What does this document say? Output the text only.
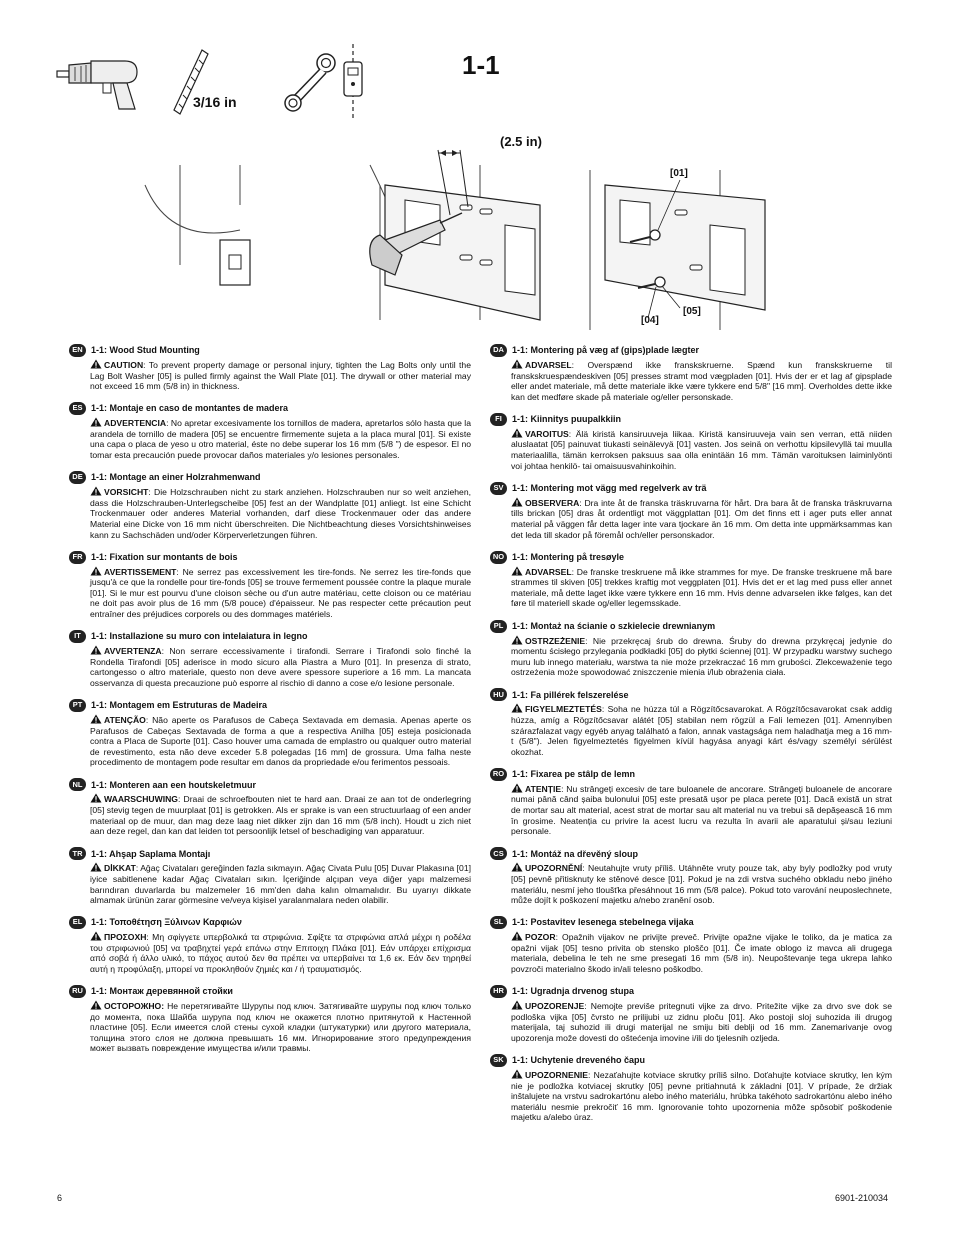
3/16 in
1-1
(2.5 in)
[01]
[05]
[04]
EN 1-1: Wood Stud Mounting
CAUTION: To prevent property damage or personal injury, tighten the Lag Bolts only until the Lag Bolt Washer [05] is pulled firmly against the Wall Plate [01]. The drywall or other material may not exceed 16 mm (5/8 in) in thickness.
ES 1-1: Montaje en caso de montantes de madera
ADVERTENCIA: No apretar excesivamente los tornillos de madera, apretarlos sólo hasta que la arandela de tornillo de madera [05] se encuentre firmemente sujeta a la placa mural [01]. Si existe una capa o placa de yeso u otro material, éste no debe superar los 16 mm (5/8 ") de espesor. El no tomar esta precaución puede provocar daños materiales y/o lesiones personales.
DE 1-1: Montage an einer Holzrahmenwand
VORSICHT: Die Holzschrauben nicht zu stark anziehen. Holzschrauben nur so weit anziehen, dass die Holzschrauben-Unterlegscheibe [05] fest an der Wandplatte [01] anliegt. Ist eine Schicht Trockenmauer oder anderes Material vorhanden, darf diese Trockenmauer oder das andere Material eine Dicke von 16 mm nicht überschreiten. Die Nichtbeachtung dieses Vorsichtshinweises kann zu Sachschäden und/oder Körperverletzungen führen.
FR 1-1: Fixation sur montants de bois
AVERTISSEMENT: Ne serrez pas excessivement les tire-fonds. Ne serrez les tire-fonds que jusqu'à ce que la rondelle pour tire-fonds [05] se trouve fermement poussée contre la plaque murale [01]. Si le mur est pourvu d'une cloison sèche ou d'un autre matériau, cette cloison ou ce matériau ne doit pas avoir plus de 16 mm (5/8 pouce) d'épaisseur. Ne pas respecter cette précaution peut entraîner des préjudices corporels ou des dommages matériels.
IT	1-1: Installazione su muro con intelaiatura in legno
AVVERTENZA: Non serrare eccessivamente i tirafondi. Serrare i Tirafondi solo finché la Rondella Tirafondi [05] aderisce in modo sicuro alla Piastra a Muro [01]. In presenza di strato, cartongesso o altro materiale, questo non deve avere spessore superiore a 16 mm. La mancata osservanza di questa precauzione può esporre al rischio di danno a cose e/o lesione personale.
PT 1-1: Montagem em Estruturas de Madeira
ATENÇÃO: Não aperte os Parafusos de Cabeça Sextavada em demasia. Apenas aperte os Parafusos de Cabeças Sextavada de forma a que a respectiva Anilha [05] esteja posicionada contra a Placa de Suporte [01]. Caso houver uma camada de emplastro ou qualquer outro material de revestimento, esta não deve exceder 5.8 polegadas [16 mm] de grossura. Uma falha neste procedimento de montagem pode resultar em danos da propriedade e/ou ferimentos pessoais.
NL 1-1: Monteren aan een houtskeletmuur
WAARSCHUWING: Draai de schroefbouten niet te hard aan. Draai ze aan tot de onderlegring [05] stevig tegen de muurplaat [01] is getrokken. Als er sprake is van een structuurlaag of een ander materiaal op de muur, dan mag deze laag niet dikker zijn dan 16 mm (5/8 inch). Houdt u zich niet aan deze regel, dan kan dat leiden tot persoonlijk letsel of beschadiging van apparatuur.
TR 1-1: Ahşap Saplama Montajı
DİKKAT: Ağaç Civataları gereğinden fazla sıkmayın. Ağaç Civata Pulu [05] Duvar Plakasına [01] iyice sabitlenene kadar Ağaç Civataları sıkın. İçeriğinde alçıpan veya diğer yapı malzemesi barındıran duvarlarda bu malzemeler 16 mm'den daha kalın olmamalıdır. Bu uyarıyı dikkate almamak ürünün zarar görmesine ve/veya kişisel yaralanmalara neden olabilir.
EL 1-1: Τοποθέτηση Ξύλινων Καρφιών
ΠΡΟΣΟΧΗ: Μη σφίγγετε υπερβολικά τα στριφώνια. Σφίξτε τα στριφώνια απλά μέχρι η ροδέλα του στριφωνιού [05] να τραβηχτεί γερά επάνω στην Επιτοιχη Πλάκα [01]. Εάν υπάρχει επίχρισμα από σοβά ή άλλο υλικό, το πάχος αυτού δεν θα πρέπει να υπερβαίνει τα 1,6 εκ. Εάν δεν τηρηθεί αυτή η προφύλαξη, μπορεί να προκληθούν ζημιές και / ή τραυματισμός.
RU 1-1: Монтаж деревянной стойки
ОСТОРОЖНО: Не перетягивайте Шурупы под ключ. Затягивайте шурупы под ключ только до момента, пока Шайба шурупа под ключ не окажется плотно притянутой к Настенной пластине [05]. Если имеется слой стены сухой кладки (штукатурки) или другого материала, толщина этого слоя не должна превышать 16 мм. Игнорирование этого предупреждения может вызвать повреждение имущества и/или травмы.
DA 1-1: Montering på væg af (gips)plade lægter
ADVARSEL: Overspænd ikke franskskruerne. Spænd kun franskskruerne til franskskruespændeskiven [05] presses stramt mod vægpladen [01]. Hvis der er et lag af gipsplade eller andet materiale, må dette materiale ikke være tykkere end 5/8" [16 mm]. Overholdes dette ikke kan det medføre skade på materiale og/eller personskade.
FI	1-1: Kiinnitys puupalkkiin
VAROITUS: Älä kiristä kansiruuveja liikaa. Kiristä kansiruuveja vain sen verran, että niiden aluslaatat [05] painuvat tiukasti seinälevyä [01] vasten. Jos seinä on verhottu kipsilevyllä tai muulla materiaalilla, tämän kerroksen paksuus saa olla enintään 16 mm. Tämän varoituksen laiminlyönti voi johtaa henkilö- tai omaisuusvahinkoihin.
SV 1-1: Montering mot vägg med regelverk av trä
OBSERVERA: Dra inte åt de franska träskruvarna för hårt. Dra bara åt de franska träskruvarna tills brickan [05] dras åt ordentligt mot väggplattan [01]. Om det finns ett i ager puts eller annat material på väggen får detta lager inte vara tjockare än 16 mm. Om detta inte uppmärksammas kan det leda till skador på föremål och/eller personskador.
NO 1-1: Montering på tresøyle
ADVARSEL: De franske treskruene må ikke strammes for mye. De franske treskruene må bare strammes til skiven [05] trekkes kraftig mot veggplaten [01]. Hvis det er et lag med puss eller annet materiale, må dette laget ikke være tykkere enn 16 mm. Hvis denne advarselen ikke følges, kan det føre til materiell skade og/eller legemsskade.
PL 1-1: Montaż na ścianie o szkielecie drewnianym
OSTRZEŻENIE: Nie przekręcaj śrub do drewna. Śruby do drewna przykręcaj jedynie do momentu ścisłego przylegania podkładki [05] do płytki ściennej [01]. W przypadku warstwy suchego muru lub innego materiału, warstwa ta nie może przekraczać 16 mm grubości. Zlekceważenie tego ostrzeżenia może spowodować zniszczenie mienia i/lub obrażenia ciała.
HU 1-1: Fa pillérek felszerelése
FIGYELMEZTETÉS: Soha ne húzza túl a Rögzítőcsavarokat. A Rögzítőcsavarokat csak addig húzza, amíg a Rögzítőcsavar alátét [05] stabilan nem rögzül a Fali lemezen [01]. Amennyiben szárazfalazat vagy egyéb anyag található a falon, annak vastagsága nem haladhatja meg a 16 mm-t (5/8"). Jelen figyelmeztetés figyelmen kívül hagyása anyagi kárt és/vagy személyi sérülést okozhat.
RO 1-1: Fixarea pe stâlp de lemn
ATENȚIE: Nu strângeți excesiv de tare buloanele de ancorare. Strângeți buloanele de ancorare numai până când șaiba bulonului [05] este presată ușor pe placa perete [01]. Dacă există un strat de mortar sau alt material, acest strat de mortar sau alt material nu va trebui să depășească 16 mm în grosime. Neatenția cu privire la acest lucru va rezulta în avarii ale aparatului și/sau leziuni personale.
CS 1-1: Montáž na dřevěný sloup
UPOZORNĚNÍ: Neutahujte vruty příliš. Utáhněte vruty pouze tak, aby byly podložky pod vruty [05] pevně přitisknuty ke stěnové desce [01]. Pokud je na zdi vrstva suchého obkladu nebo jiného materiálu, nesmí jeho tloušťka přesáhnout 16 mm (5/8 palce). Pokud toto varování neuposlechnete, může dojít k poškození majetku a/nebo zranění osob.
SL 1-1: Postavitev lesenega stebelnega vijaka
POZOR: Opažnih vijakov ne privijte preveč. Privijte opažne vijake le toliko, da je matica za opažni vijak [05] tesno privita ob stensko ploščo [01]. Če imate oblogo iz mavca ali drugega materiala, debelina le teh ne sme presegati 16 mm (5/8 in). Neupoštevanje tega ukrepa lahko povzroči materialno škodo in/ali telesno poškodbo.
HR 1-1: Ugradnja drvenog stupa
UPOZORENJE: Nemojte previše pritegnuti vijke za drvo. Pritežite vijke za drvo sve dok se podloška vijka [05] čvrsto ne prilijubi uz zidnu ploču [01]. Ako postoji sloj suhozida ili drugog materijala, taj suhozid ili drugi materijal ne smiju biti deblji od 16 mm. Zanemarivanje ovog upozorenja može dovesti do oštećenja imovine i/ili do tjelesnih ozljeda.
SK 1-1: Uchytenie dreveného čapu
UPOZORNENIE: Nezaťahujte kotviace skrutky príliš silno. Doťahujte kotviace skrutky, len kým nie je podložka kotviacej skrutky [05] pevne pritiahnutá k základni [01]. V prípade, že držiak inštalujete na vrstvu sadrokartónu alebo iného materiálu, hrúbka takéhoto sadrokartónu alebo iného materiálu nesmie prekročiť 16 mm. Ignorovanie tohto upozornenia môže spôsobiť poškodenie majetku a/alebo úraz.
6	6901-210034
